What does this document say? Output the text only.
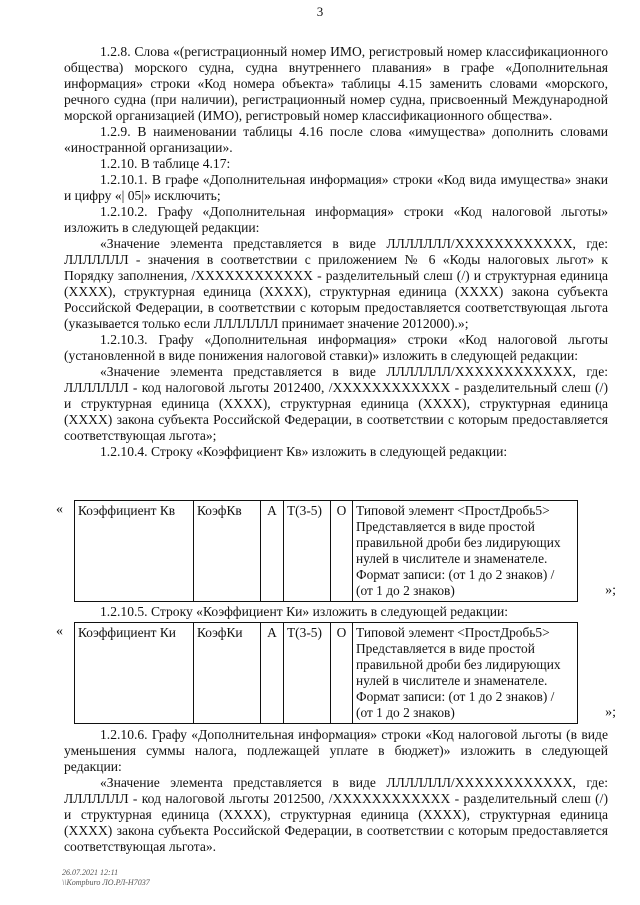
3

1.2.8. Слова «(регистрационный номер ИМО, регистровый номер классификационного общества) морского судна, судна внутреннего плавания» в графе «Дополнительная информация» строки «Код номера объекта» таблицы 4.15 заменить словами «морского, речного судна (при наличии), регистрационный номер судна, присвоенный Международной морской организацией (ИМО), регистровый номер классификационного общества».

1.2.9. В наименовании таблицы 4.16 после слова «имущества» дополнить словами «иностранной организации».

1.2.10. В таблице 4.17:

1.2.10.1. В графе «Дополнительная информация» строки «Код вида имущества» знаки и цифру «| 05|» исключить;

1.2.10.2. Графу «Дополнительная информация» строки «Код налоговой льготы» изложить в следующей редакции:

«Значение элемента представляется в виде ЛЛЛЛЛЛЛ/ХХХХХХХХХХХХ, где: ЛЛЛЛЛЛЛ - значения в соответствии с приложением № 6 «Коды налоговых льгот» к Порядку заполнения, /ХХХХХХХХХХХХ - разделительный слеш (/) и структурная единица (ХХХХ), структурная единица (ХХХХ), структурная единица (ХХХХ) закона субъекта Российской Федерации, в соответствии с которым предоставляется соответствующая льгота (указывается только если ЛЛЛЛЛЛЛ принимает значение 2012000).»;

1.2.10.3. Графу «Дополнительная информация» строки «Код налоговой льготы (установленной в виде понижения налоговой ставки)» изложить в следующей редакции:

«Значение элемента представляется в виде ЛЛЛЛЛЛЛ/ХХХХХХХХХХХХ, где: ЛЛЛЛЛЛЛ - код налоговой льготы 2012400, /ХХХХХХХХХХХХ - разделительный слеш (/) и структурная единица (ХХХХ), структурная единица (ХХХХ), структурная единица (ХХХХ) закона субъекта Российской Федерации, в соответствии с которым предоставляется соответствующая льгота»;

1.2.10.4. Строку «Коэффициент Кв» изложить в следующей редакции:

« Коэффициент Кв	КоэфКв	А	Т(3-5)	О	Типовой элемент <ПростДробь5> Представляется в виде простой правильной дроби без лидирующих нулей в числителе и знаменателе. Формат записи: (от 1 до 2 знаков) / (от 1 до 2 знаков)	»;

1.2.10.5. Строку «Коэффициент Ки» изложить в следующей редакции:

« Коэффициент Ки	КоэфКи	А	Т(3-5)	О	Типовой элемент <ПростДробь5> Представляется в виде простой правильной дроби без лидирующих нулей в числителе и знаменателе. Формат записи: (от 1 до 2 знаков) / (от 1 до 2 знаков)	»;

1.2.10.6. Графу «Дополнительная информация» строки «Код налоговой льготы (в виде уменьшения суммы налога, подлежащей уплате в бюджет)» изложить в следующей редакции:

«Значение элемента представляется в виде ЛЛЛЛЛЛЛ/ХХХХХХХХХХХХ, где: ЛЛЛЛЛЛЛ - код налоговой льготы 2012500, /ХХХХХХХХХХХХ - разделительный слеш (/) и структурная единица (ХХХХ), структурная единица (ХХХХ), структурная единица (ХХХХ) закона субъекта Российской Федерации, в соответствии с которым предоставляется соответствующая льгота».

26.07.2021 12:11
\\Kompburo ЛО.РЛ-Н7037
